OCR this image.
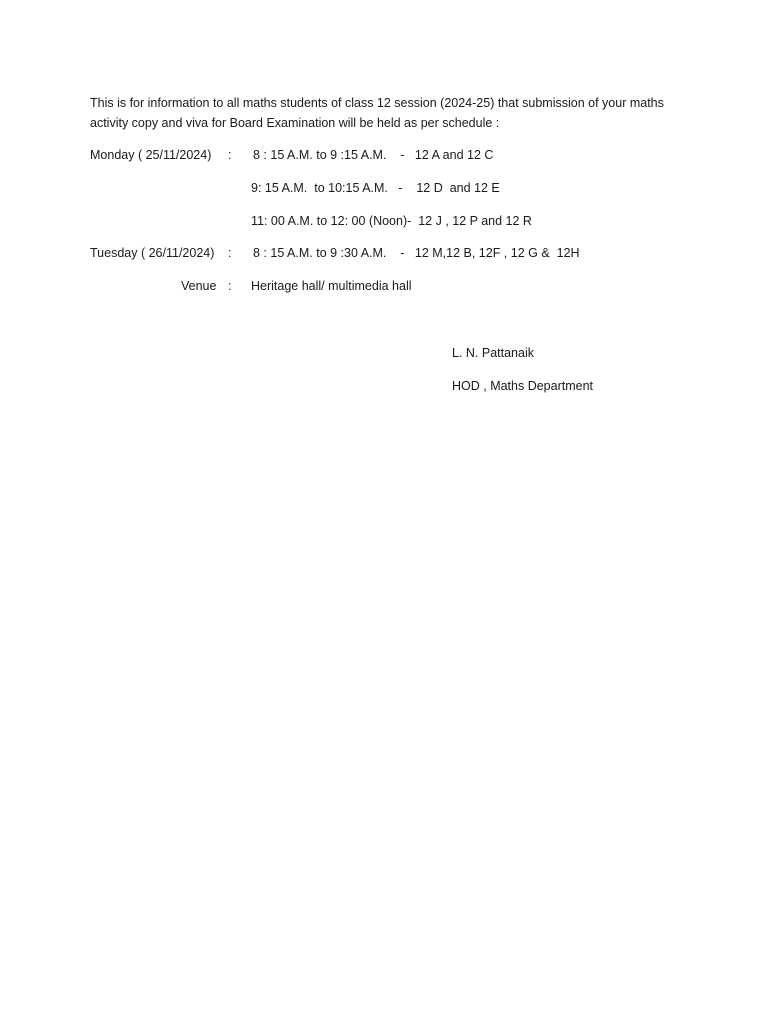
This is for information to all maths students of class 12 session (2024-25) that submission of your maths activity copy and viva for Board Examination will be held as per schedule :

Monday ( 25/11/2024) : 8 : 15 A.M. to 9 :15 A.M.    -   12 A and 12 C
9: 15 A.M.  to 10:15 A.M.   -    12 D  and 12 E
11: 00 A.M. to 12: 00 (Noon)-  12 J , 12 P and 12 R
Tuesday ( 26/11/2024) : 8 : 15 A.M. to 9 :30 A.M.    -   12 M,12 B, 12F , 12 G &  12H
Venue : Heritage hall/ multimedia hall
L. N. Pattanaik
HOD , Maths Department
